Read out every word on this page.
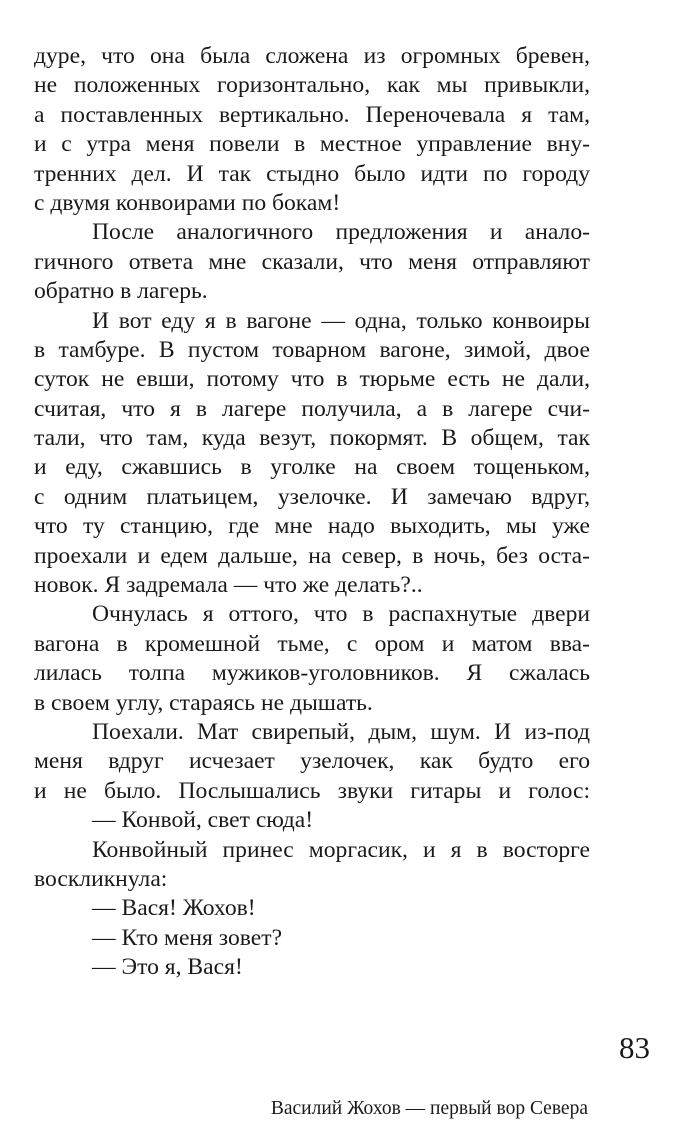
дуре, что она была сложена из огромных бревен,
не положенных горизонтально, как мы привыкли,
а поставленных вертикально. Переночевала я там,
и с утра меня повели в местное управление вну-
тренних дел. И так стыдно было идти по городу
с двумя конвоирами по бокам!
После аналогичного предложения и анало-
гичного ответа мне сказали, что меня отправляют
обратно в лагерь.
И вот еду я в вагоне — одна, только конвоиры
в тамбуре. В пустом товарном вагоне, зимой, двое
суток не евши, потому что в тюрьме есть не дали,
считая, что я в лагере получила, а в лагере счи-
тали, что там, куда везут, покормят. В общем, так
и еду, сжавшись в уголке на своем тощеньком,
с одним платьицем, узелочке. И замечаю вдруг,
что ту станцию, где мне надо выходить, мы уже
проехали и едем дальше, на север, в ночь, без оста-
новок. Я задремала — что же делать?..
Очнулась я оттого, что в распахнутые двери
вагона в кромешной тьме, с ором и матом вва-
лилась толпа мужиков-уголовников. Я сжалась
в своем углу, стараясь не дышать.
Поехали. Мат свирепый, дым, шум. И из-под
меня вдруг исчезает узелочек, как будто его
и не было. Послышались звуки гитары и голос:
— Конвой, свет сюда!
Конвойный принес моргасик, и я в восторге
воскликнула:
— Вася! Жохов!
— Кто меня зовет?
— Это я, Вася!
83
Василий Жохов — первый вор Севера
